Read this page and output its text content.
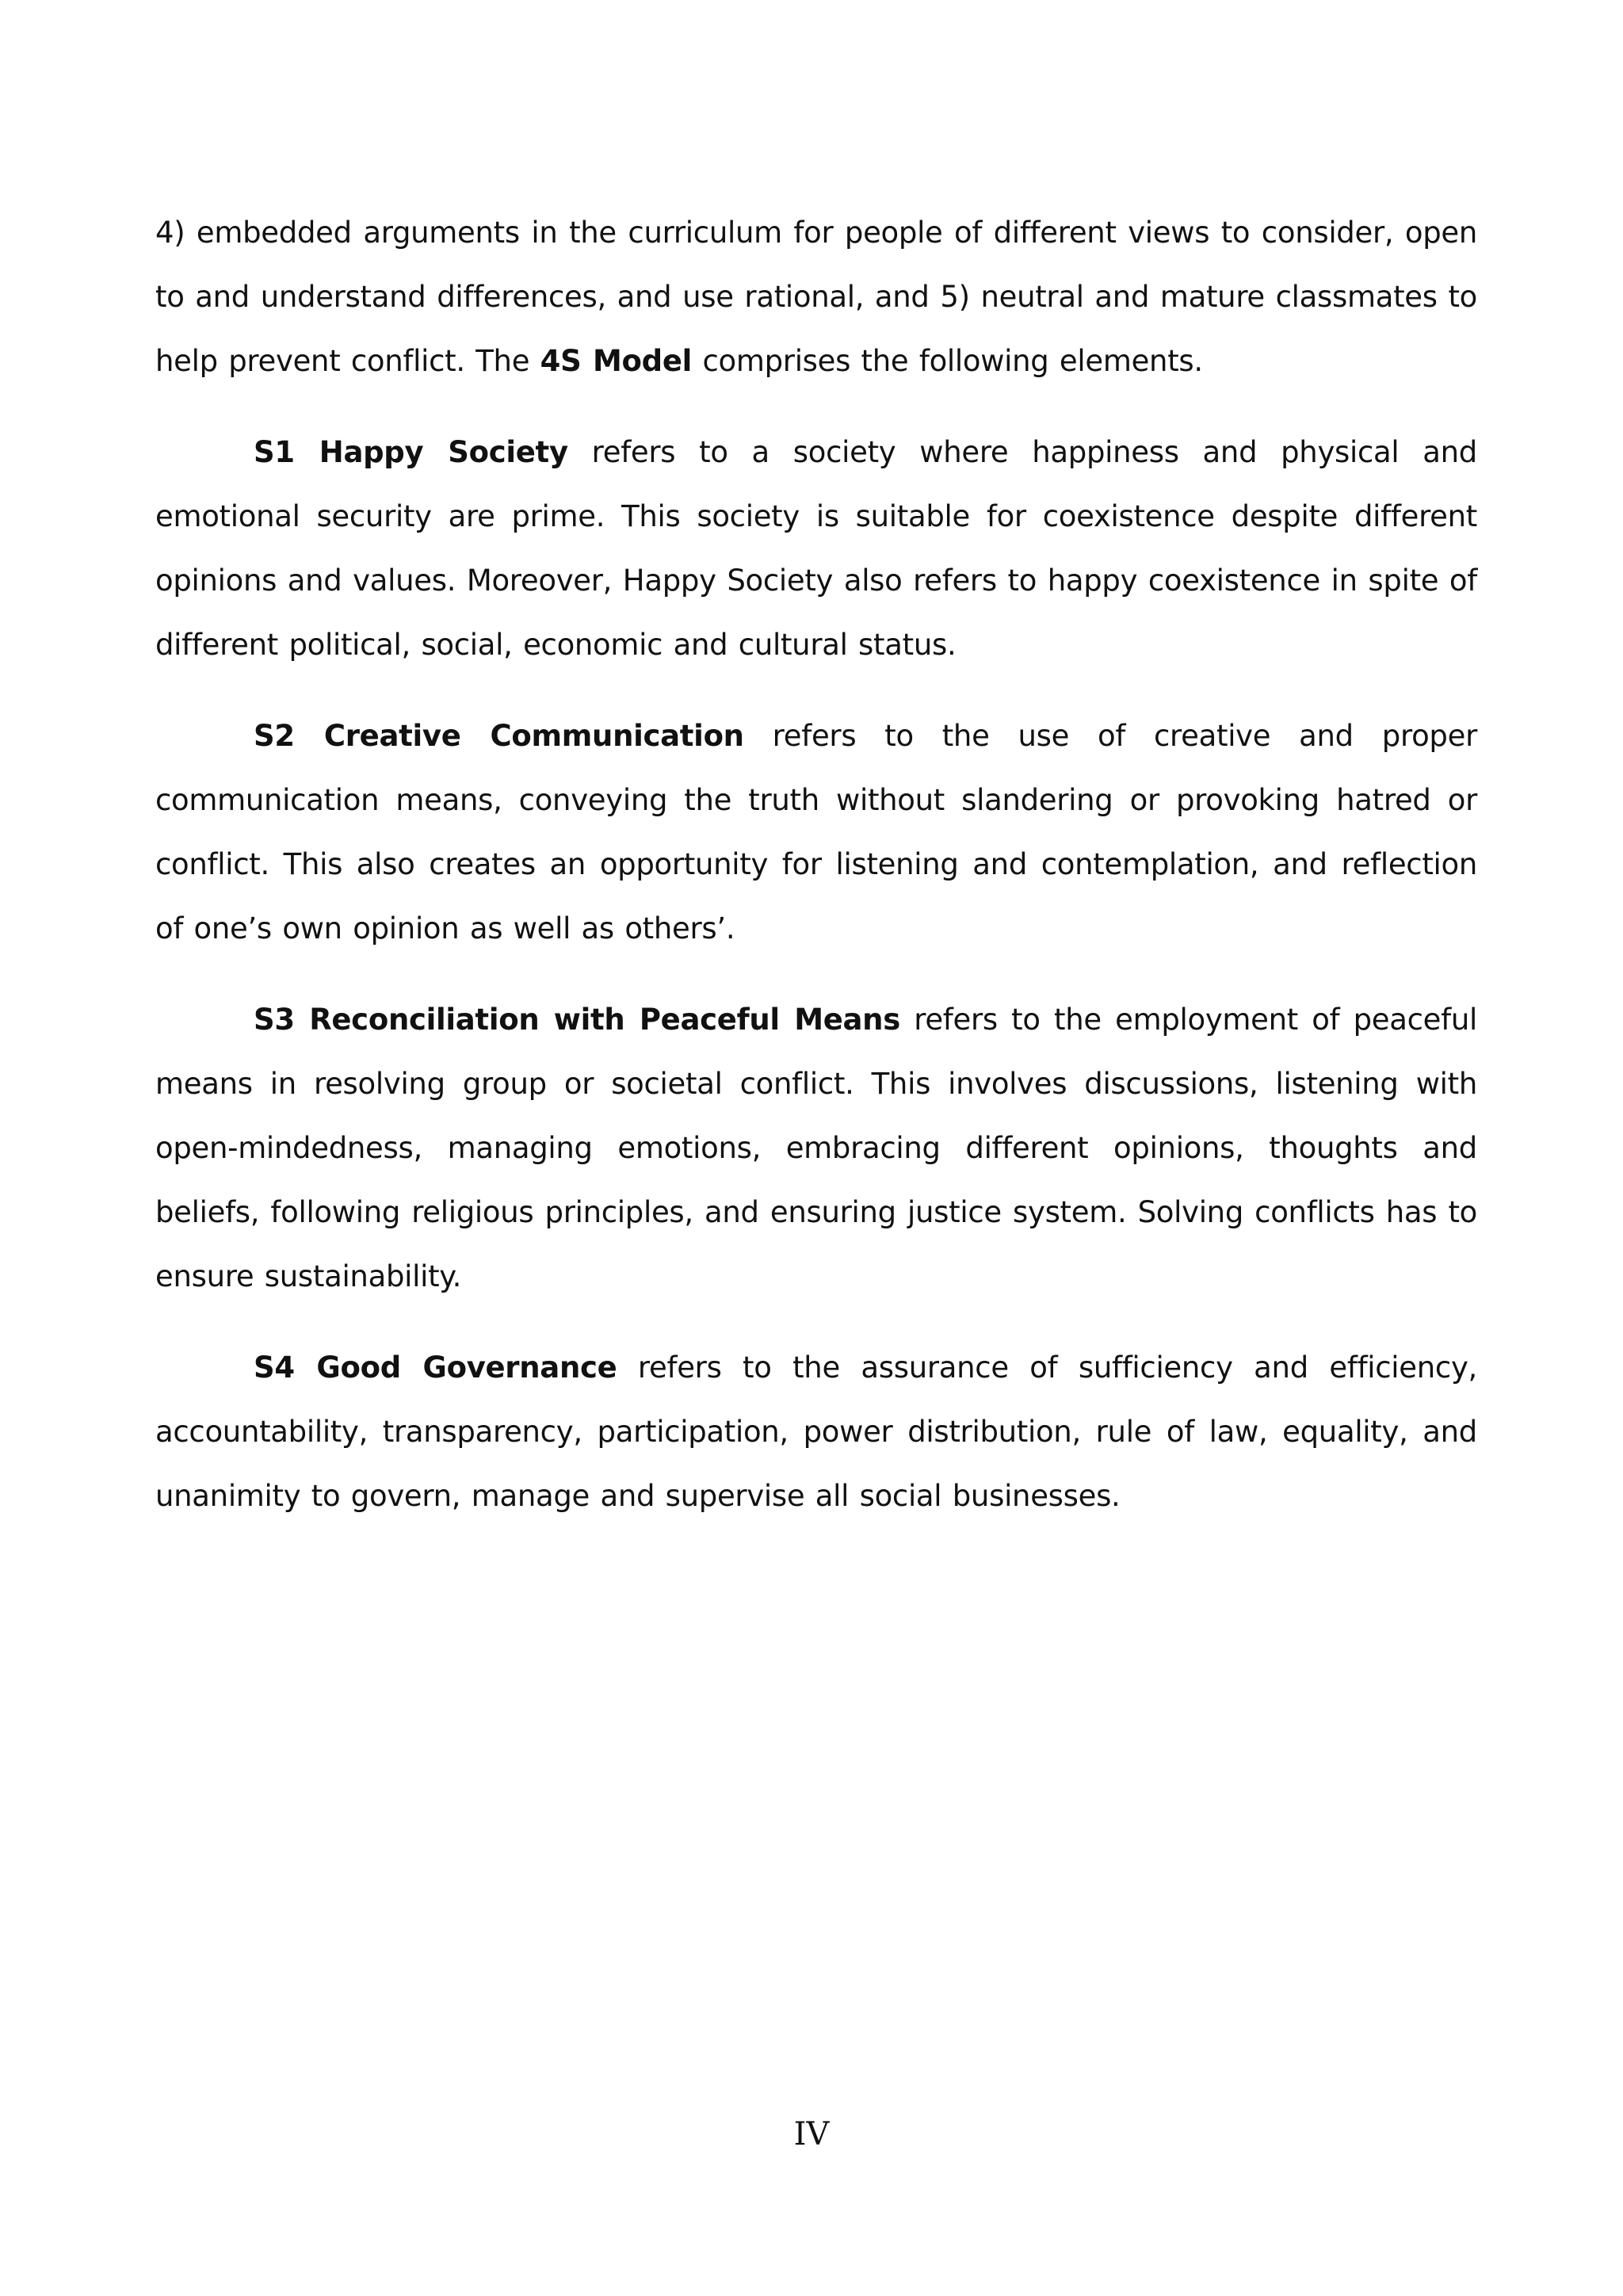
4) embedded arguments in the curriculum for people of different views to consider, open to and understand differences, and use rational, and 5) neutral and mature classmates to help prevent conflict. The 4S Model comprises the following elements.

S1 Happy Society refers to a society where happiness and physical and emotional security are prime. This society is suitable for coexistence despite different opinions and values. Moreover, Happy Society also refers to happy coexistence in spite of different political, social, economic and cultural status.

S2 Creative Communication refers to the use of creative and proper communication means, conveying the truth without slandering or provoking hatred or conflict. This also creates an opportunity for listening and contemplation, and reflection of one’s own opinion as well as others’.

S3 Reconciliation with Peaceful Means refers to the employment of peaceful means in resolving group or societal conflict. This involves discussions, listening with open-mindedness, managing emotions, embracing different opinions, thoughts and beliefs, following religious principles, and ensuring justice system. Solving conflicts has to ensure sustainability.

S4 Good Governance refers to the assurance of sufficiency and efficiency, accountability, transparency, participation, power distribution, rule of law, equality, and unanimity to govern, manage and supervise all social businesses.

IV
